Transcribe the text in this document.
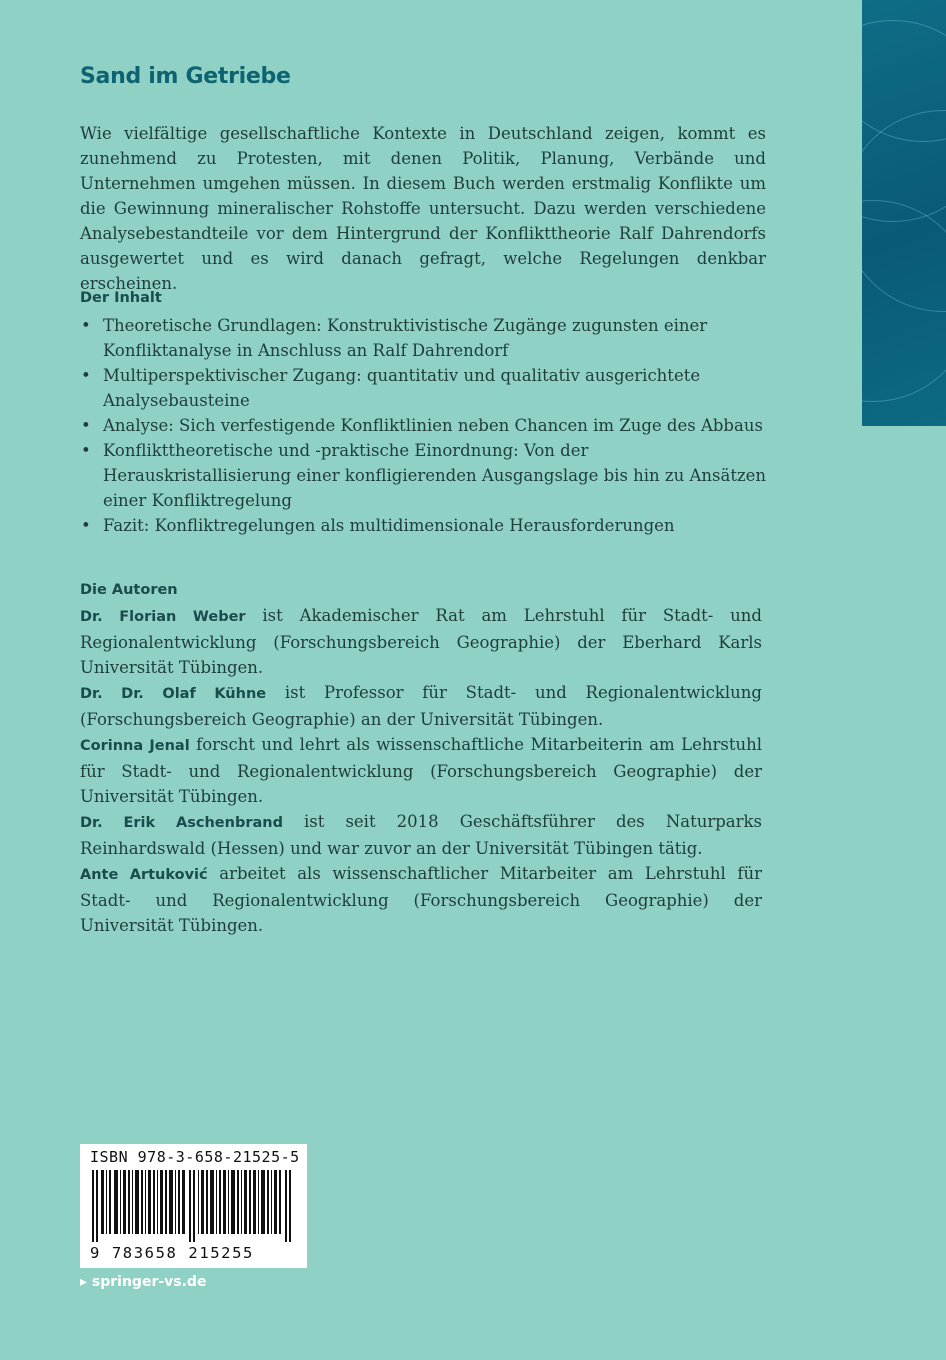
Sand im Getriebe

Wie vielfältige gesellschaftliche Kontexte in Deutschland zeigen, kommt es zunehmend zu Protesten, mit denen Politik, Planung, Verbände und Unternehmen umgehen müssen. In diesem Buch werden erstmalig Konflikte um die Gewinnung mineralischer Rohstoffe untersucht. Dazu werden verschiedene Analysebestandteile vor dem Hintergrund der Konflikttheorie Ralf Dahrendorfs ausgewertet und es wird danach gefragt, welche Regelungen denkbar erscheinen.

Der Inhalt
• Theoretische Grundlagen: Konstruktivistische Zugänge zugunsten einer Konfliktanalyse in Anschluss an Ralf Dahrendorf
• Multiperspektivischer Zugang: quantitativ und qualitativ ausgerichtete Analysebausteine
• Analyse: Sich verfestigende Konfliktlinien neben Chancen im Zuge des Abbaus
• Konflikttheoretische und -praktische Einordnung: Von der Herauskristallisierung einer konfligierenden Ausgangslage bis hin zu Ansätzen einer Konfliktregelung
• Fazit: Konfliktregelungen als multidimensionale Herausforderungen
Die Autoren

Dr. Florian Weber ist Akademischer Rat am Lehrstuhl für Stadt- und Regionalentwicklung (Forschungsbereich Geographie) der Eberhard Karls Universität Tübingen.

Dr. Dr. Olaf Kühne ist Professor für Stadt- und Regionalentwicklung (Forschungsbereich Geographie) an der Universität Tübingen.

Corinna Jenal forscht und lehrt als wissenschaftliche Mitarbeiterin am Lehrstuhl für Stadt- und Regionalentwicklung (Forschungsbereich Geographie) der Universität Tübingen.

Dr. Erik Aschenbrand ist seit 2018 Geschäftsführer des Naturparks Reinhardswald (Hessen) und war zuvor an der Universität Tübingen tätig.

Ante Artuković arbeitet als wissenschaftlicher Mitarbeiter am Lehrstuhl für Stadt- und Regionalentwicklung (Forschungsbereich Geographie) der Universität Tübingen.

ISBN 978-3-658-21525-5
9 783658 215255
▸ springer-vs.de
